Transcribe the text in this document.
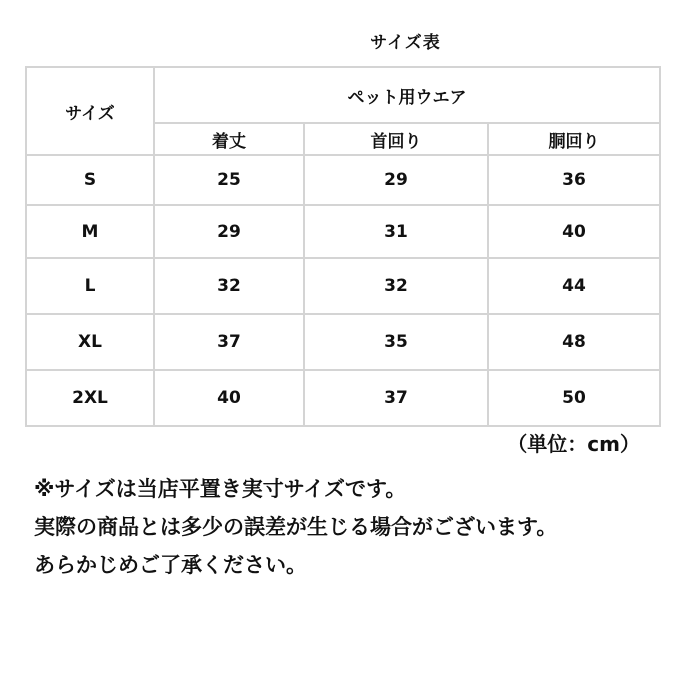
サイズ表
サイズ	ペット用ウエア		
	着丈	首回り	胴回り
S	25	29	36
M	29	31	40
L	32	32	44
XL	37	35	48
2XL	40	37	50
（単位：cm）
※サイズは当店平置き実寸サイズです。
実際の商品とは多少の誤差が生じる場合がございます。
あらかじめご了承ください。
